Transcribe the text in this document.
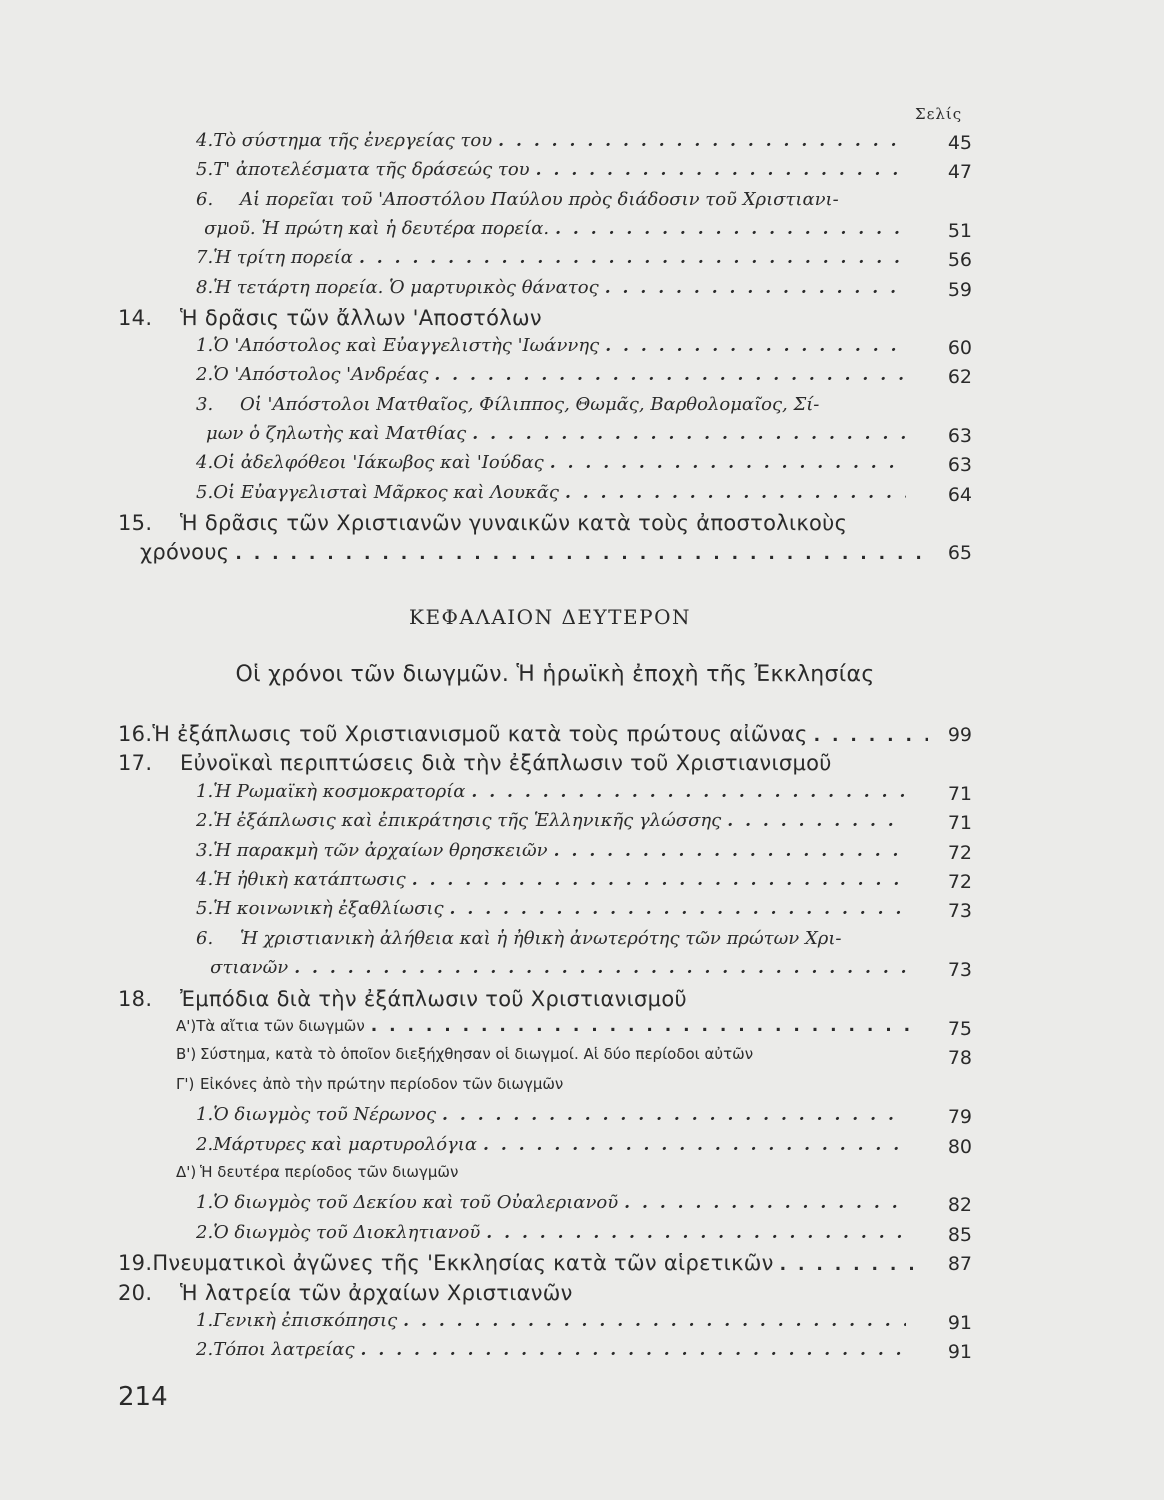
Σελίς
4. Τὸ σύστημα τῆς ἐνεργείας του . . .	45
5. Τ' ἀποτελέσματα τῆς δράσεώς του . . .	47
6.	Αἱ πορεῖαι τοῦ 'Αποστόλου Παύλου πρὸς διάδοσιν τοῦ Χριστιανι-
σμοῦ. Ἡ πρώτη καὶ ἡ δευτέρα πορεία. . . .	51
7. Ἡ τρίτη πορεία . . .	56
8. Ἡ τετάρτη πορεία. Ὁ μαρτυρικὸς θάνατος . . .	59
14.	Ἡ δρᾶσις τῶν ἄλλων 'Αποστόλων
1. Ὁ 'Απόστολος καὶ Εὐαγγελιστὴς 'Ιωάννης . . .	60
2. Ὁ 'Απόστολος 'Ανδρέας . . .	62
3.	Οἱ 'Απόστολοι Ματθαῖος, Φίλιππος, Θωμᾶς, Βαρθολομαῖος, Σί-
μων ὁ ζηλωτὴς καὶ Ματθίας . . .	63
4. Οἱ ἀδελφόθεοι 'Ιάκωβος καὶ 'Ιούδας . . .	63
5. Οἱ Εὐαγγελισταὶ Μᾶρκος καὶ Λουκᾶς . . .	64
15.	Ἡ δρᾶσις τῶν Χριστιανῶν γυναικῶν κατὰ τοὺς ἀποστολικοὺς
χρόνους . . .	65
ΚΕΦΑΛΑΙΟΝ ΔΕΥΤΕΡΟΝ
Οἱ χρόνοι τῶν διωγμῶν. Ἡ ἡρωϊκὴ ἐποχὴ τῆς Ἐκκλησίας
16. Ἡ ἐξάπλωσις τοῦ Χριστιανισμοῦ κατὰ τοὺς πρώτους αἰῶνας . . .	99
17.	Εὐνοϊκαὶ περιπτώσεις διὰ τὴν ἐξάπλωσιν τοῦ Χριστιανισμοῦ
1. Ἡ Ρωμαϊκὴ κοσμοκρατορία . . .	71
2. Ἡ ἐξάπλωσις καὶ ἐπικράτησις τῆς Ἑλληνικῆς γλώσσης . . .	71
3. Ἡ παρακμὴ τῶν ἀρχαίων θρησκειῶν . . .	72
4. Ἡ ἠθικὴ κατάπτωσις . . .	72
5. Ἡ κοινωνικὴ ἐξαθλίωσις . . .	73
6.	Ἡ χριστιανικὴ ἀλήθεια καὶ ἡ ἠθικὴ ἀνωτερότης τῶν πρώτων Χρι-
στιανῶν . . .	73
18.	Ἐμπόδια διὰ τὴν ἐξάπλωσιν τοῦ Χριστιανισμοῦ
Α') Τὰ αἴτια τῶν διωγμῶν . . .	75
Β') Σύστημα, κατὰ τὸ ὁποῖον διεξήχθησαν οἱ διωγμοί. Αἱ δύο περίοδοι αὐτῶν	78
Γ') Εἰκόνες ἀπὸ τὴν πρώτην περίοδον τῶν διωγμῶν
1. Ὁ διωγμὸς τοῦ Νέρωνος . . .	79
2. Μάρτυρες καὶ μαρτυρολόγια . . .	80
Δ') Ἡ δευτέρα περίοδος τῶν διωγμῶν
1. Ὁ διωγμὸς τοῦ Δεκίου καὶ τοῦ Οὐαλεριανοῦ . . .	82
2. Ὁ διωγμὸς τοῦ Διοκλητιανοῦ . . .	85
19. Πνευματικοὶ ἀγῶνες τῆς 'Εκκλησίας κατὰ τῶν αἱρετικῶν . . .	87
20.	Ἡ λατρεία τῶν ἀρχαίων Χριστιανῶν
1. Γενικὴ ἐπισκόπησις . . .	91
2. Τόποι λατρείας . . .	91
214
